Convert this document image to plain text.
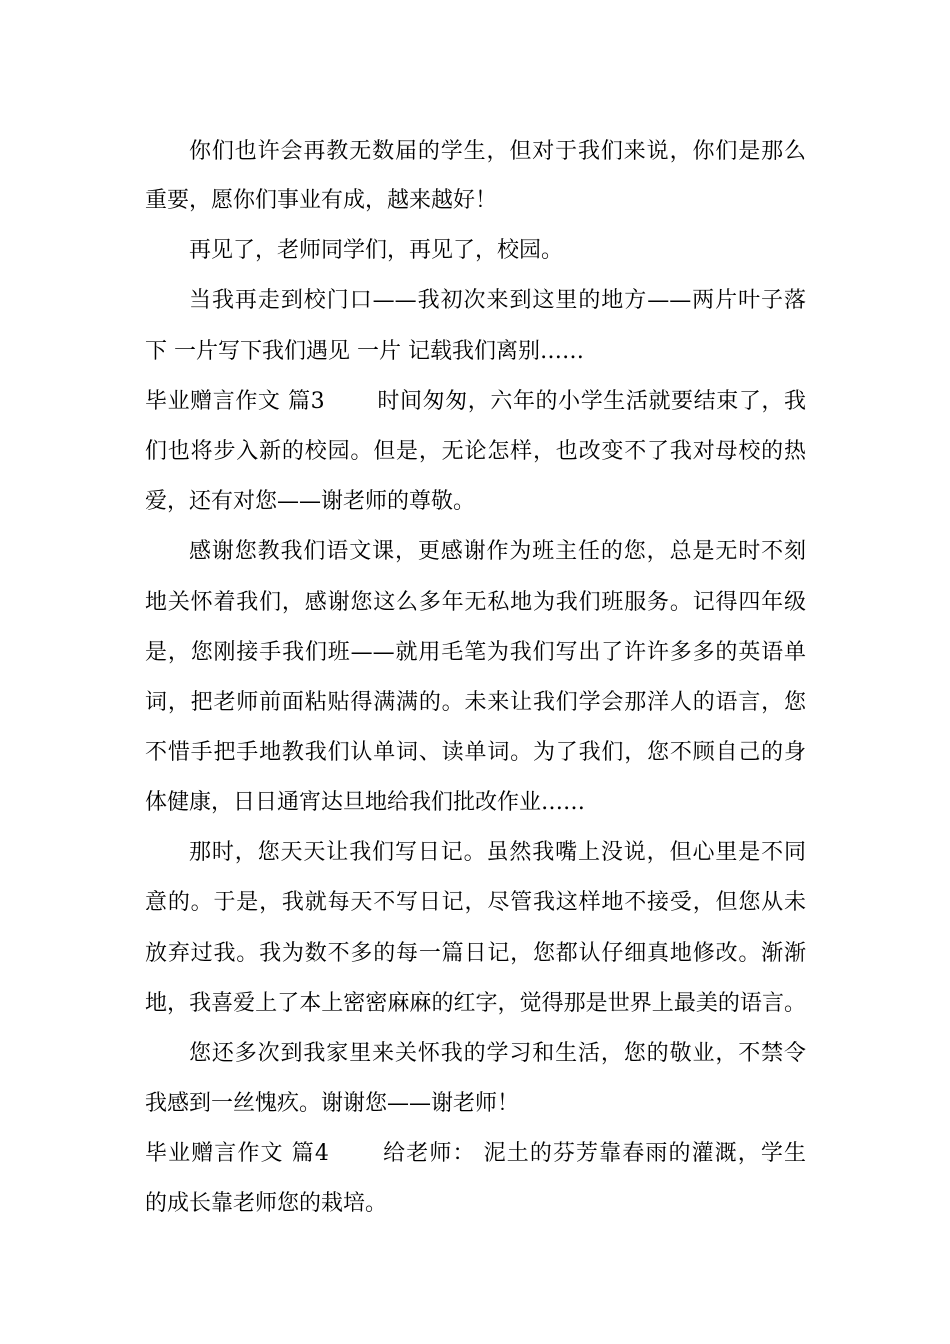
你们也许会再教无数届的学生，但对于我们来说，你们是那么
重要，愿你们事业有成，越来越好！
再见了，老师同学们，再见了，校园。
当我再走到校门口——我初次来到这里的地方——两片叶子落
下 一片写下我们遇见 一片 记载我们离别……
毕业赠言作文 篇3 　　时间匆匆，六年的小学生活就要结束了，我
们也将步入新的校园。但是，无论怎样，也改变不了我对母校的热
爱，还有对您——谢老师的尊敬。
感谢您教我们语文课，更感谢作为班主任的您，总是无时不刻
地关怀着我们，感谢您这么多年无私地为我们班服务。记得四年级
是，您刚接手我们班——就用毛笔为我们写出了许许多多的英语单
词，把老师前面粘贴得满满的。未来让我们学会那洋人的语言，您
不惜手把手地教我们认单词、读单词。为了我们，您不顾自己的身
体健康，日日通宵达旦地给我们批改作业……
那时，您天天让我们写日记。虽然我嘴上没说，但心里是不同
意的。于是，我就每天不写日记，尽管我这样地不接受，但您从未
放弃过我。我为数不多的每一篇日记，您都认仔细真地修改。渐渐
地，我喜爱上了本上密密麻麻的红字，觉得那是世界上最美的语言。
您还多次到我家里来关怀我的学习和生活，您的敬业，不禁令
我感到一丝愧疚。谢谢您——谢老师！
毕业赠言作文 篇4 　　给老师： 泥土的芬芳靠春雨的灌溉，学生
的成长靠老师您的栽培。
